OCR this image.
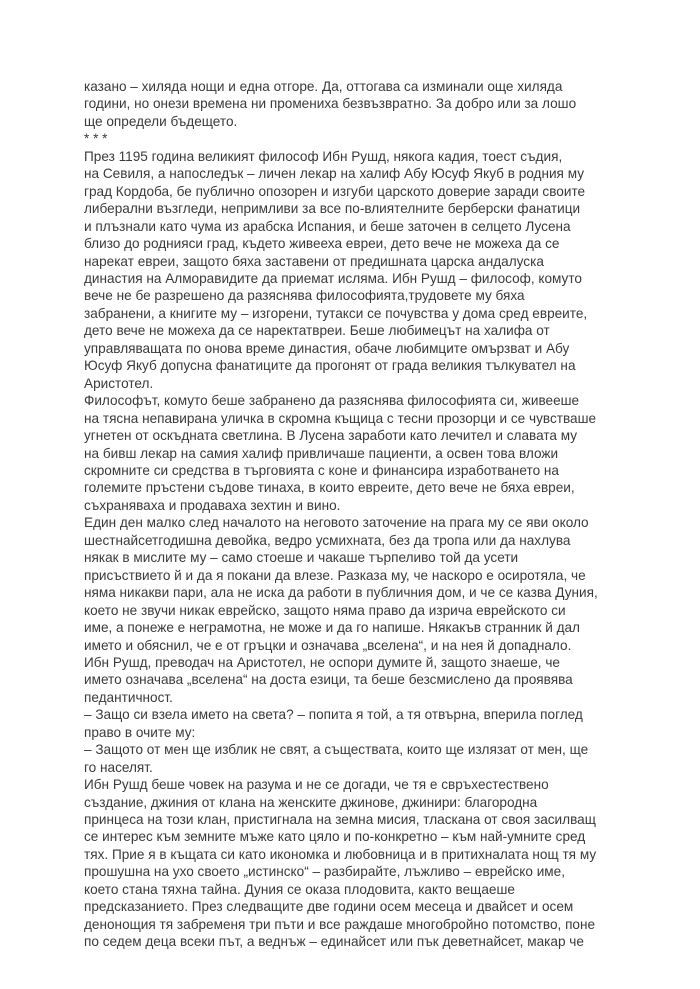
казано – хиляда нощи и една отгоре. Да, оттогава са изминали още хиляда
години, но онези времена ни промениха безвъзвратно. За добро или за лошо
ще определи бъдещето.
* * *
През 1195 година великият философ Ибн Рушд, някога кадия, тоест съдия,
на Севиля, а напоследък – личен лекар на халиф Абу Юсуф Якуб в родния му
град Кордоба, бе публично опозорен и изгуби царското доверие заради своите
либерални възгледи, непримливи за все по-влиятелните берберски фанатици
и плъзнали като чума из арабска Испания, и беше заточен в селцето Лусена
близо до роднияси град, където живееха евреи, дето вече не можеха да се
нарекат евреи, защото бяха заставени от предишната царска андалуска
династия на Алморавидите да приемат исляма. Ибн Рушд – философ, комуто
вече не бе разрешено да разяснява философията,трудовете му бяха
забранени, а книгите му – изгорени, тутакси се почувства у дома сред евреите,
дето вече не можеха да се наректатвреи. Беше любимецът на халифа от
управляващата по онова време династия, обаче любимците омързват и Абу
Юсуф Якуб допусна фанатиците да прогонят от града великия тълкувател на
Аристотел.
Философът, комуто беше забранено да разяснява философията си, живееше
на тясна непавирана уличка в скромна къщица с тесни прозорци и се чувстваше
угнетен от оскъдната светлина. В Лусена заработи като лечител и славата му
на бивш лекар на самия халиф привличаше пациенти, а освен това вложи
скромните си средства в търговията с коне и финансира изработването на
големите пръстени съдове тинаха, в които евреите, дето вече не бяха евреи,
съхраняваха и продаваха зехтин и вино.
Един ден малко след началото на неговото заточение на прага му се яви около
шестнайсетгодишна девойка, ведро усмихната, без да тропа или да нахлува
някак в мислите му – само стоеше и чакаше търпеливо той да усети
присъствието й и да я покани да влезе. Разказа му, че наскоро е осиротяла, че
няма никакви пари, ала не иска да работи в публичния дом, и че се казва Дуния,
което не звучи никак еврейско, защото няма право да изрича еврейското си
име, а понеже е неграмотна, не може и да го напише. Някакъв странник й дал
името и обяснил, че е от гръцки и означава „вселена“, и на нея й допаднало.
Ибн Рушд, преводач на Аристотел, не оспори думите й, защото знаеше, че
името означава „вселена“ на доста езици, та беше безсмислено да проявява
педантичност.
– Защо си взела името на света? – попита я той, а тя отвърна, вперила поглед
право в очите му:
– Защото от мен ще изблик не свят, а съществата, които ще излязат от мен, ще
го населят.
Ибн Рушд беше човек на разума и не се догади, че тя е свръхестествено
създание, джиния от клана на женските джинове, джинири: благородна
принцеса на този клан, пристигнала на земна мисия, тласкана от своя засилващ
се интерес към земните мъже като цяло и по-конкретно – към най-умните сред
тях. Прие я в къщата си като икономка и любовница и в притихналата нощ тя му
прошушна на ухо своето „истинско“ – разбирайте, лъжливо – еврейско име,
което стана тяхна тайна. Дуния се оказа плодовита, както вещаеше
предсказанието. През следващите две години осем месеца и двайсет и осем
денонощия тя забременя три пъти и все раждаше многобройно потомство, поне
по седем деца всеки път, а веднъж – единайсет или пък деветнайсет, макар че
